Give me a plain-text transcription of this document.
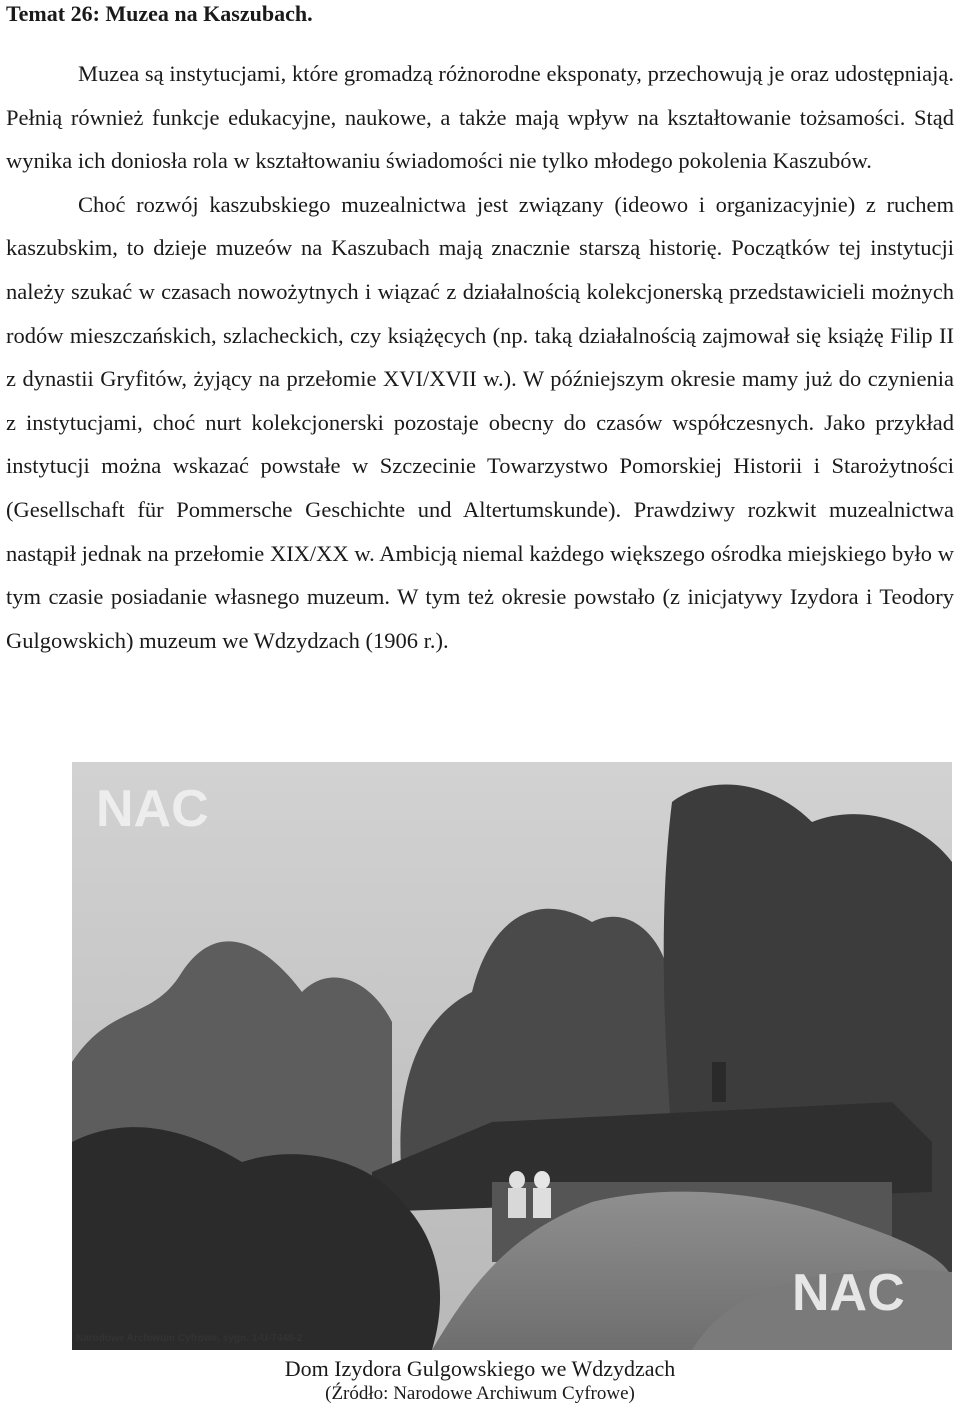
Temat 26: Muzea na Kaszubach.

Muzea są instytucjami, które gromadzą różnorodne eksponaty, przechowują je oraz udostępniają. Pełnią również funkcje edukacyjne, naukowe, a także mają wpływ na kształtowanie tożsamości. Stąd wynika ich doniosła rola w kształtowaniu świadomości nie tylko młodego pokolenia Kaszubów.

Choć rozwój kaszubskiego muzealnictwa jest związany (ideowo i organizacyjnie) z ruchem kaszubskim, to dzieje muzeów na Kaszubach mają znacznie starszą historię. Początków tej instytucji należy szukać w czasach nowożytnych i wiązać z działalnością kolekcjonerską przedstawicieli możnych rodów mieszczańskich, szlacheckich, czy książęcych (np. taką działalnością zajmował się książę Filip II z dynastii Gryfitów, żyjący na przełomie XVI/XVII w.). W późniejszym okresie mamy już do czynienia z instytucjami, choć nurt kolekcjonerski pozostaje obecny do czasów współczesnych. Jako przykład instytucji można wskazać powstałe w Szczecinie Towarzystwo Pomorskiej Historii i Starożytności (Gesellschaft für Pommersche Geschichte und Altertumskunde). Prawdziwy rozkwit muzealnictwa nastąpił jednak na przełomie XIX/XX w. Ambicją niemal każdego większego ośrodka miejskiego było w tym czasie posiadanie własnego muzeum. W tym też okresie powstało (z inicjatywy Izydora i Teodory Gulgowskich) muzeum we Wdzydzach (1906 r.).

NAC
NAC
Narodowe Archiwum Cyfrowe, sygn. 1-U-7448-2
Dom Izydora Gulgowskiego we Wdzydzach
(Źródło: Narodowe Archiwum Cyfrowe)
